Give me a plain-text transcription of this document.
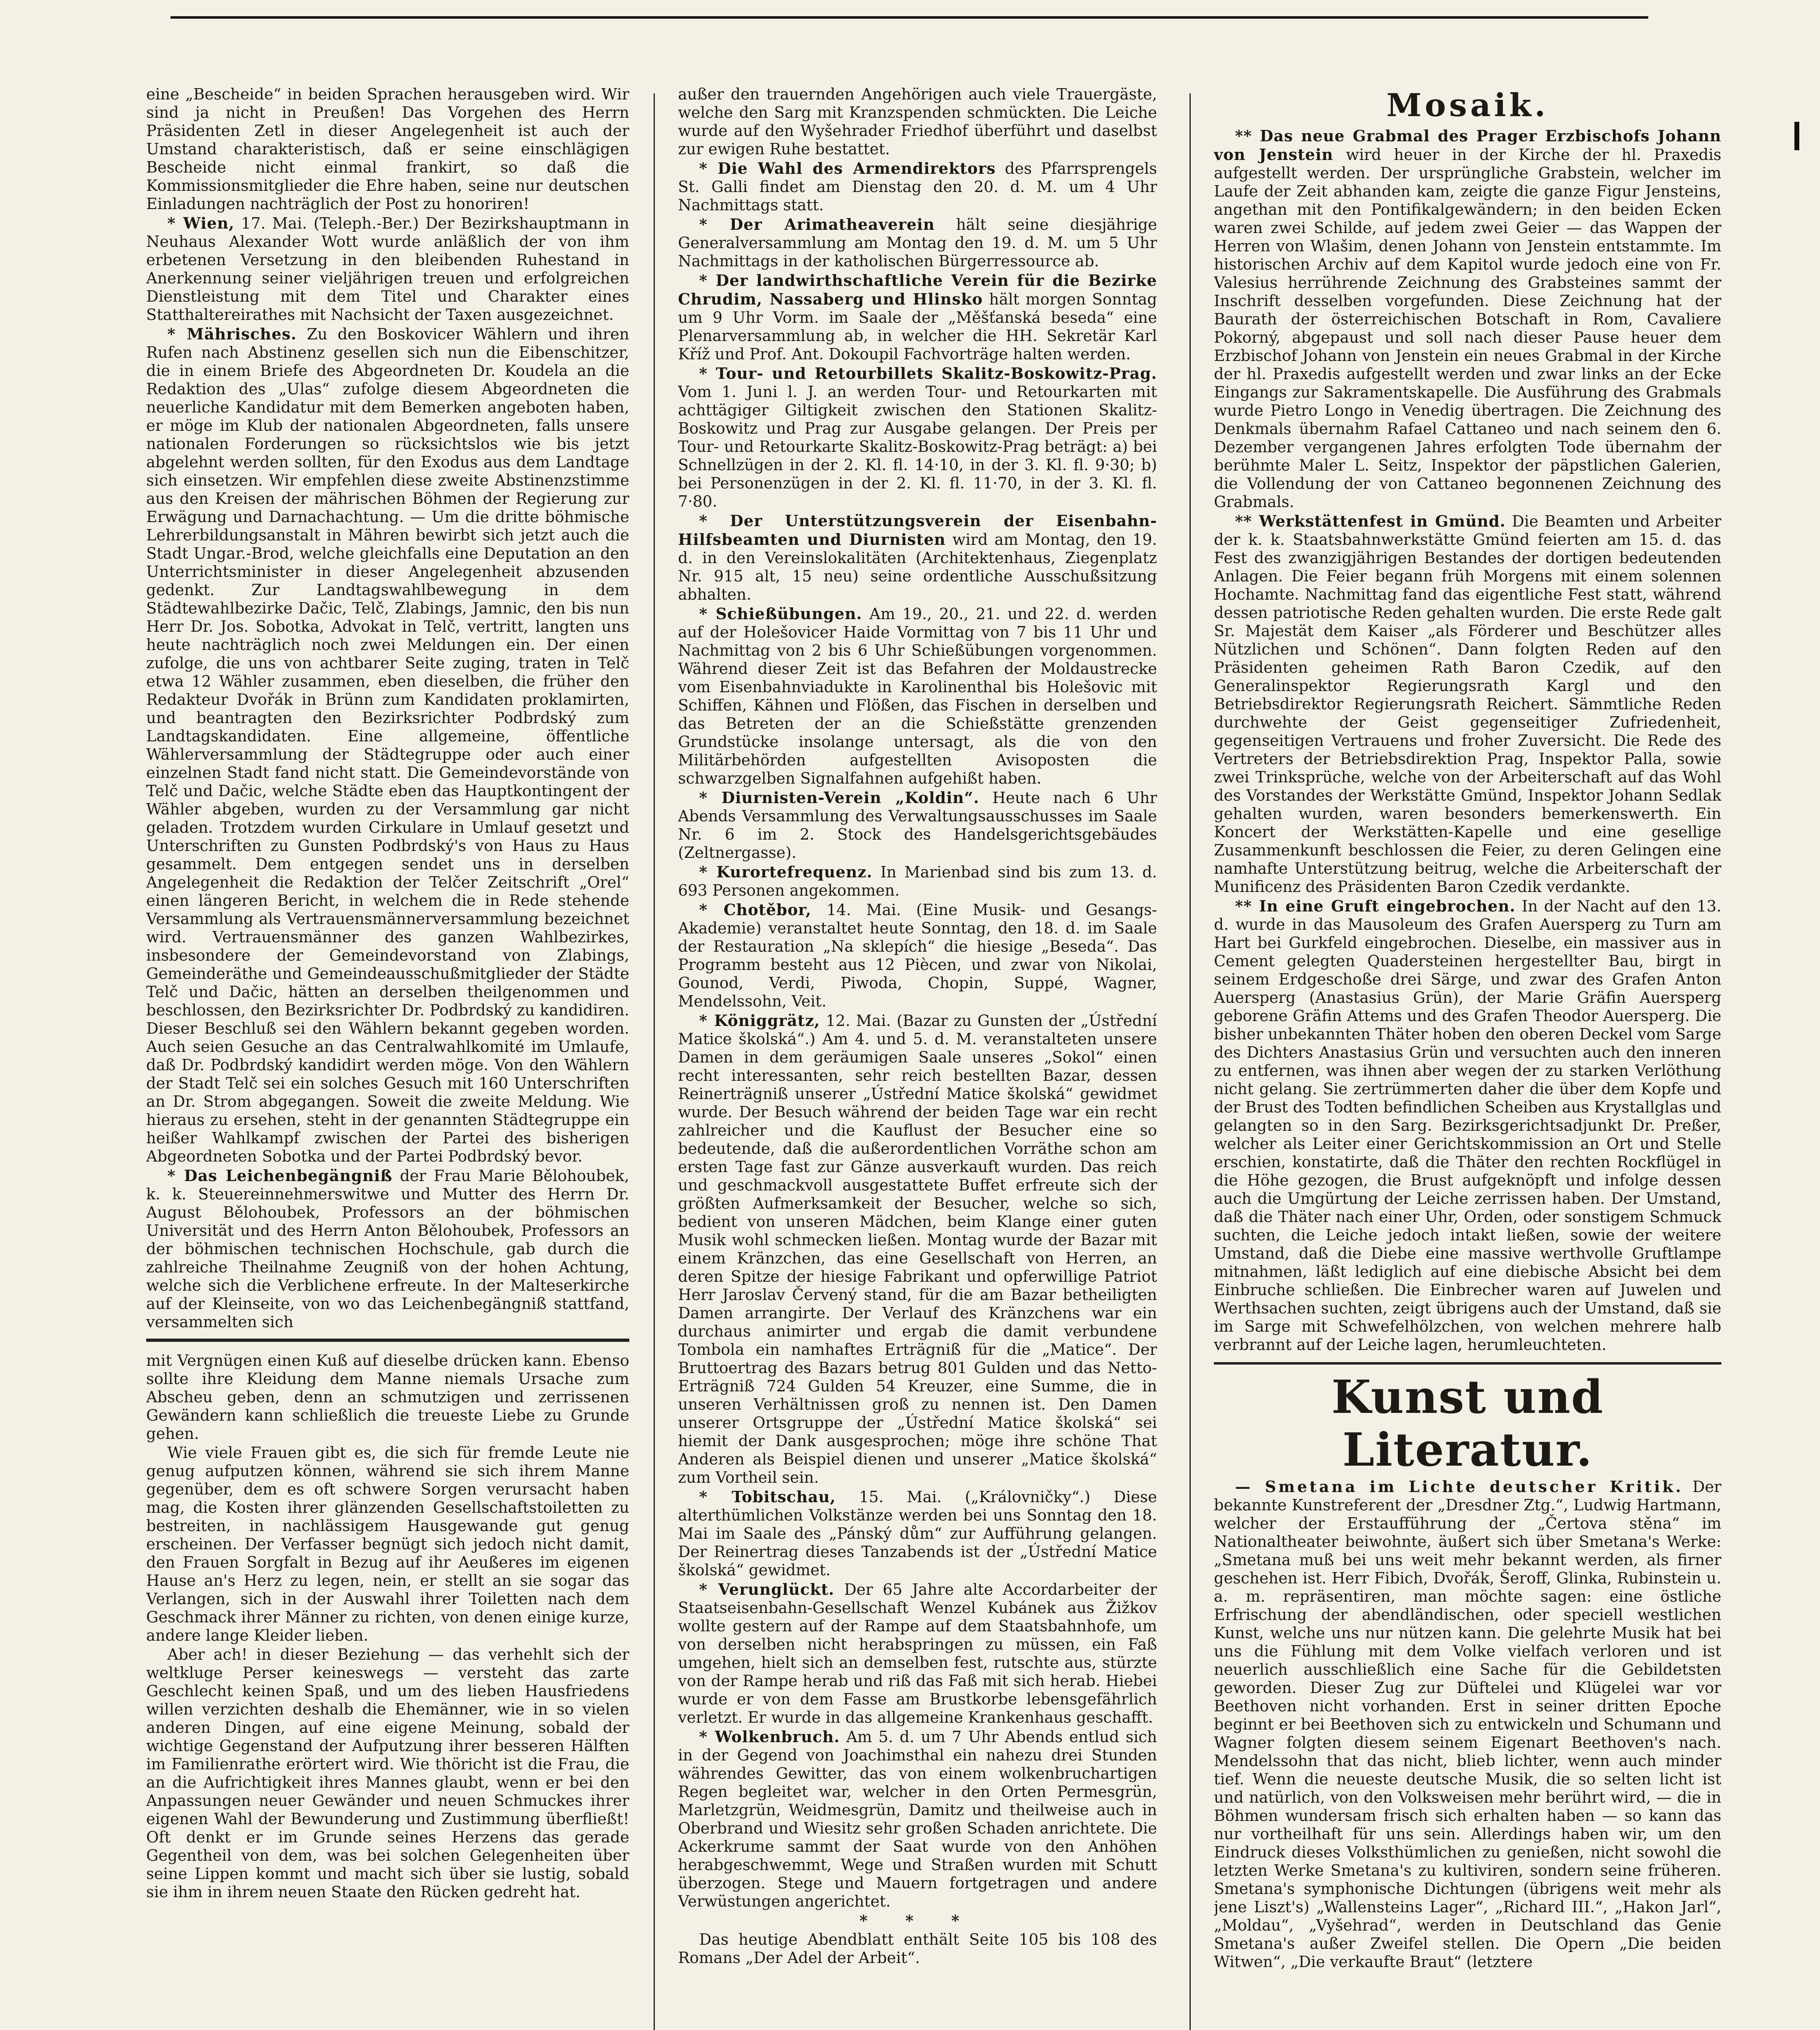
eine „Bescheide“ in beiden Sprachen herausgeben wird. Wir sind ja nicht in Preußen! Das Vorgehen des Herrn Präsidenten Zetl in dieser Angelegenheit ist auch der Umstand charakteristisch, daß er seine einschlägigen Bescheide nicht einmal frankirt, so daß die Kommissionsmitglieder die Ehre haben, seine nur deutschen Einladungen nachträglich der Post zu honoriren!

* Wien, 17. Mai. (Teleph.-Ber.) Der Bezirkshauptmann in Neuhaus Alexander Wott wurde anläßlich der von ihm erbetenen Versetzung in den bleibenden Ruhestand in Anerkennung seiner vieljährigen treuen und erfolgreichen Dienstleistung mit dem Titel und Charakter eines Statthaltereirathes mit Nachsicht der Taxen ausgezeichnet.

* Mährisches. Zu den Boskovicer Wählern und ihren Rufen nach Abstinenz gesellen sich nun die Eibenschitzer, die in einem Briefe des Abgeordneten Dr. Koudela an die Redaktion des „Ulas“ zufolge diesem Abgeordneten die neuerliche Kandidatur mit dem Bemerken angeboten haben, er möge im Klub der nationalen Abgeordneten, falls unsere nationalen Forderungen so rücksichtslos wie bis jetzt abgelehnt werden sollten, für den Exodus aus dem Landtage sich einsetzen. Wir empfehlen diese zweite Abstinenzstimme aus den Kreisen der mährischen Böhmen der Regierung zur Erwägung und Darnachachtung. — Um die dritte böhmische Lehrerbildungsanstalt in Mähren bewirbt sich jetzt auch die Stadt Ungar.-Brod, welche gleichfalls eine Deputation an den Unterrichtsminister in dieser Angelegenheit abzusenden gedenkt. Zur Landtagswahlbewegung in dem Städtewahlbezirke Dačic, Telč, Zlabings, Jamnic, den bis nun Herr Dr. Jos. Sobotka, Advokat in Telč, vertritt, langten uns heute nachträglich noch zwei Meldungen ein. Der einen zufolge, die uns von achtbarer Seite zuging, traten in Telč etwa 12 Wähler zusammen, eben dieselben, die früher den Redakteur Dvořák in Brünn zum Kandidaten proklamirten, und beantragten den Bezirksrichter Podbrdský zum Landtagskandidaten. Eine allgemeine, öffentliche Wählerversammlung der Städtegruppe oder auch einer einzelnen Stadt fand nicht statt. Die Gemeindevorstände von Telč und Dačic, welche Städte eben das Hauptkontingent der Wähler abgeben, wurden zu der Versammlung gar nicht geladen. Trotzdem wurden Cirkulare in Umlauf gesetzt und Unterschriften zu Gunsten Podbrdský's von Haus zu Haus gesammelt. Dem entgegen sendet uns in derselben Angelegenheit die Redaktion der Telčer Zeitschrift „Orel“ einen längeren Bericht, in welchem die in Rede stehende Versammlung als Vertrauensmännerversammlung bezeichnet wird. Vertrauensmänner des ganzen Wahlbezirkes, insbesondere der Gemeindevorstand von Zlabings, Gemeinderäthe und Gemeindeausschußmitglieder der Städte Telč und Dačic, hätten an derselben theilgenommen und beschlossen, den Bezirksrichter Dr. Podbrdský zu kandidiren. Dieser Beschluß sei den Wählern bekannt gegeben worden. Auch seien Gesuche an das Centralwahlkomité im Umlaufe, daß Dr. Podbrdský kandidirt werden möge. Von den Wählern der Stadt Telč sei ein solches Gesuch mit 160 Unterschriften an Dr. Strom abgegangen. Soweit die zweite Meldung. Wie hieraus zu ersehen, steht in der genannten Städtegruppe ein heißer Wahlkampf zwischen der Partei des bisherigen Abgeordneten Sobotka und der Partei Podbrdský bevor.

* Das Leichenbegängniß der Frau Marie Bělohoubek, k. k. Steuereinnehmerswitwe und Mutter des Herrn Dr. August Bělohoubek, Professors an der böhmischen Universität und des Herrn Anton Bělohoubek, Professors an der böhmischen technischen Hochschule, gab durch die zahlreiche Theilnahme Zeugniß von der hohen Achtung, welche sich die Verblichene erfreute. In der Malteserkirche auf der Kleinseite, von wo das Leichenbegängniß stattfand, versammelten sich

mit Vergnügen einen Kuß auf dieselbe drücken kann. Ebenso sollte ihre Kleidung dem Manne niemals Ursache zum Abscheu geben, denn an schmutzigen und zerrissenen Gewändern kann schließlich die treueste Liebe zu Grunde gehen.

Wie viele Frauen gibt es, die sich für fremde Leute nie genug aufputzen können, während sie sich ihrem Manne gegenüber, dem es oft schwere Sorgen verursacht haben mag, die Kosten ihrer glänzenden Gesellschaftstoiletten zu bestreiten, in nachlässigem Hausgewande gut genug erscheinen. Der Verfasser begnügt sich jedoch nicht damit, den Frauen Sorgfalt in Bezug auf ihr Aeußeres im eigenen Hause an's Herz zu legen, nein, er stellt an sie sogar das Verlangen, sich in der Auswahl ihrer Toiletten nach dem Geschmack ihrer Männer zu richten, von denen einige kurze, andere lange Kleider lieben.

Aber ach! in dieser Beziehung — das verhehlt sich der weltkluge Perser keineswegs — versteht das zarte Geschlecht keinen Spaß, und um des lieben Hausfriedens willen verzichten deshalb die Ehemänner, wie in so vielen anderen Dingen, auf eine eigene Meinung, sobald der wichtige Gegenstand der Aufputzung ihrer besseren Hälften im Familienrathe erörtert wird. Wie thöricht ist die Frau, die an die Aufrichtigkeit ihres Mannes glaubt, wenn er bei den Anpassungen neuer Gewänder und neuen Schmuckes ihrer eigenen Wahl der Bewunderung und Zustimmung überfließt! Oft denkt er im Grunde seines Herzens das gerade Gegentheil von dem, was bei solchen Gelegenheiten über seine Lippen kommt und macht sich über sie lustig, sobald sie ihm in ihrem neuen Staate den Rücken gedreht hat.

außer den trauernden Angehörigen auch viele Trauergäste, welche den Sarg mit Kranzspenden schmückten. Die Leiche wurde auf den Wyšehrader Friedhof überführt und daselbst zur ewigen Ruhe bestattet.

* Die Wahl des Armendirektors des Pfarrsprengels St. Galli findet am Dienstag den 20. d. M. um 4 Uhr Nachmittags statt.

* Der Arimatheaverein hält seine diesjährige Generalversammlung am Montag den 19. d. M. um 5 Uhr Nachmittags in der katholischen Bürgerressource ab.

* Der landwirthschaftliche Verein für die Bezirke Chrudim, Nassaberg und Hlinsko hält morgen Sonntag um 9 Uhr Vorm. im Saale der „Měšťanská beseda“ eine Plenarversammlung ab, in welcher die HH. Sekretär Karl Kříž und Prof. Ant. Dokoupil Fachvorträge halten werden.

* Tour- und Retourbillets Skalitz-Boskowitz-Prag. Vom 1. Juni l. J. an werden Tour- und Retourkarten mit achttägiger Giltigkeit zwischen den Stationen Skalitz-Boskowitz und Prag zur Ausgabe gelangen. Der Preis per Tour- und Retourkarte Skalitz-Boskowitz-Prag beträgt: a) bei Schnellzügen in der 2. Kl. fl. 14·10, in der 3. Kl. fl. 9·30; b) bei Personenzügen in der 2. Kl. fl. 11·70, in der 3. Kl. fl. 7·80.

* Der Unterstützungsverein der Eisenbahn-Hilfsbeamten und Diurnisten wird am Montag, den 19. d. in den Vereinslokalitäten (Architektenhaus, Ziegenplatz Nr. 915 alt, 15 neu) seine ordentliche Ausschußsitzung abhalten.

* Schießübungen. Am 19., 20., 21. und 22. d. werden auf der Holešovicer Haide Vormittag von 7 bis 11 Uhr und Nachmittag von 2 bis 6 Uhr Schießübungen vorgenommen. Während dieser Zeit ist das Befahren der Moldaustrecke vom Eisenbahnviadukte in Karolinenthal bis Holešovic mit Schiffen, Kähnen und Flößen, das Fischen in derselben und das Betreten der an die Schießstätte grenzenden Grundstücke insolange untersagt, als die von den Militärbehörden aufgestellten Avisoposten die schwarzgelben Signalfahnen aufgehißt haben.

* Diurnisten-Verein „Koldin“. Heute nach 6 Uhr Abends Versammlung des Verwaltungsausschusses im Saale Nr. 6 im 2. Stock des Handelsgerichtsgebäudes (Zeltnergasse).

* Kurortefrequenz. In Marienbad sind bis zum 13. d. 693 Personen angekommen.

* Chotěbor, 14. Mai. (Eine Musik- und Gesangs-Akademie) veranstaltet heute Sonntag, den 18. d. im Saale der Restauration „Na sklepích“ die hiesige „Beseda“. Das Programm besteht aus 12 Piècen, und zwar von Nikolai, Gounod, Verdi, Piwoda, Chopin, Suppé, Wagner, Mendelssohn, Veit.

* Königgrätz, 12. Mai. (Bazar zu Gunsten der „Ústřední Matice školská“.) Am 4. und 5. d. M. veranstalteten unsere Damen in dem geräumigen Saale unseres „Sokol“ einen recht interessanten, sehr reich bestellten Bazar, dessen Reinerträgniß unserer „Ústřední Matice školská“ gewidmet wurde. Der Besuch während der beiden Tage war ein recht zahlreicher und die Kauflust der Besucher eine so bedeutende, daß die außerordentlichen Vorräthe schon am ersten Tage fast zur Gänze ausverkauft wurden. Das reich und geschmackvoll ausgestattete Buffet erfreute sich der größten Aufmerksamkeit der Besucher, welche so sich, bedient von unseren Mädchen, beim Klange einer guten Musik wohl schmecken ließen. Montag wurde der Bazar mit einem Kränzchen, das eine Gesellschaft von Herren, an deren Spitze der hiesige Fabrikant und opferwillige Patriot Herr Jaroslav Červený stand, für die am Bazar betheiligten Damen arrangirte. Der Verlauf des Kränzchens war ein durchaus animirter und ergab die damit verbundene Tombola ein namhaftes Erträgniß für die „Matice“. Der Bruttoertrag des Bazars betrug 801 Gulden und das Netto-Erträgniß 724 Gulden 54 Kreuzer, eine Summe, die in unseren Verhältnissen groß zu nennen ist. Den Damen unserer Ortsgruppe der „Ústřední Matice školská“ sei hiemit der Dank ausgesprochen; möge ihre schöne That Anderen als Beispiel dienen und unserer „Matice školská“ zum Vortheil sein.

* Tobitschau, 15. Mai. („Královničky“.) Diese alterthümlichen Volkstänze werden bei uns Sonntag den 18. Mai im Saale des „Pánský dům“ zur Aufführung gelangen. Der Reinertrag dieses Tanzabends ist der „Ústřední Matice školská“ gewidmet.

* Verunglückt. Der 65 Jahre alte Accordarbeiter der Staatseisenbahn-Gesellschaft Wenzel Kubánek aus Žižkov wollte gestern auf der Rampe auf dem Staatsbahnhofe, um von derselben nicht herabspringen zu müssen, ein Faß umgehen, hielt sich an demselben fest, rutschte aus, stürzte von der Rampe herab und riß das Faß mit sich herab. Hiebei wurde er von dem Fasse am Brustkorbe lebensgefährlich verletzt. Er wurde in das allgemeine Krankenhaus geschafft.

* Wolkenbruch. Am 5. d. um 7 Uhr Abends entlud sich in der Gegend von Joachimsthal ein nahezu drei Stunden währendes Gewitter, das von einem wolkenbruchartigen Regen begleitet war, welcher in den Orten Permesgrün, Marletzgrün, Weidmesgrün, Damitz und theilweise auch in Oberbrand und Wiesitz sehr großen Schaden anrichtete. Die Ackerkrume sammt der Saat wurde von den Anhöhen herabgeschwemmt, Wege und Straßen wurden mit Schutt überzogen. Stege und Mauern fortgetragen und andere Verwüstungen angerichtet.

* * *

Das heutige Abendblatt enthält Seite 105 bis 108 des Romans „Der Adel der Arbeit“.

Mosaik.

** Das neue Grabmal des Prager Erzbischofs Johann von Jenstein wird heuer in der Kirche der hl. Praxedis aufgestellt werden. Der ursprüngliche Grabstein, welcher im Laufe der Zeit abhanden kam, zeigte die ganze Figur Jensteins, angethan mit den Pontifikalgewändern; in den beiden Ecken waren zwei Schilde, auf jedem zwei Geier — das Wappen der Herren von Wlašim, denen Johann von Jenstein entstammte. Im historischen Archiv auf dem Kapitol wurde jedoch eine von Fr. Valesius herrührende Zeichnung des Grabsteines sammt der Inschrift desselben vorgefunden. Diese Zeichnung hat der Baurath der österreichischen Botschaft in Rom, Cavaliere Pokorný, abgepaust und soll nach dieser Pause heuer dem Erzbischof Johann von Jenstein ein neues Grabmal in der Kirche der hl. Praxedis aufgestellt werden und zwar links an der Ecke Eingangs zur Sakramentskapelle. Die Ausführung des Grabmals wurde Pietro Longo in Venedig übertragen. Die Zeichnung des Denkmals übernahm Rafael Cattaneo und nach seinem den 6. Dezember vergangenen Jahres erfolgten Tode übernahm der berühmte Maler L. Seitz, Inspektor der päpstlichen Galerien, die Vollendung der von Cattaneo begonnenen Zeichnung des Grabmals.

** Werkstättenfest in Gmünd. Die Beamten und Arbeiter der k. k. Staatsbahnwerkstätte Gmünd feierten am 15. d. das Fest des zwanzigjährigen Bestandes der dortigen bedeutenden Anlagen. Die Feier begann früh Morgens mit einem solennen Hochamte. Nachmittag fand das eigentliche Fest statt, während dessen patriotische Reden gehalten wurden. Die erste Rede galt Sr. Majestät dem Kaiser „als Förderer und Beschützer alles Nützlichen und Schönen“. Dann folgten Reden auf den Präsidenten geheimen Rath Baron Czedik, auf den Generalinspektor Regierungsrath Kargl und den Betriebsdirektor Regierungsrath Reichert. Sämmtliche Reden durchwehte der Geist gegenseitiger Zufriedenheit, gegenseitigen Vertrauens und froher Zuversicht. Die Rede des Vertreters der Betriebsdirektion Prag, Inspektor Palla, sowie zwei Trinksprüche, welche von der Arbeiterschaft auf das Wohl des Vorstandes der Werkstätte Gmünd, Inspektor Johann Sedlak gehalten wurden, waren besonders bemerkenswerth. Ein Koncert der Werkstätten-Kapelle und eine gesellige Zusammenkunft beschlossen die Feier, zu deren Gelingen eine namhafte Unterstützung beitrug, welche die Arbeiterschaft der Munificenz des Präsidenten Baron Czedik verdankte.

** In eine Gruft eingebrochen. In der Nacht auf den 13. d. wurde in das Mausoleum des Grafen Auersperg zu Turn am Hart bei Gurkfeld eingebrochen. Dieselbe, ein massiver aus in Cement gelegten Quadersteinen hergestellter Bau, birgt in seinem Erdgeschoße drei Särge, und zwar des Grafen Anton Auersperg (Anastasius Grün), der Marie Gräfin Auersperg geborene Gräfin Attems und des Grafen Theodor Auersperg. Die bisher unbekannten Thäter hoben den oberen Deckel vom Sarge des Dichters Anastasius Grün und versuchten auch den inneren zu entfernen, was ihnen aber wegen der zu starken Verlöthung nicht gelang. Sie zertrümmerten daher die über dem Kopfe und der Brust des Todten befindlichen Scheiben aus Krystallglas und gelangten so in den Sarg. Bezirksgerichtsadjunkt Dr. Preßer, welcher als Leiter einer Gerichtskommission an Ort und Stelle erschien, konstatirte, daß die Thäter den rechten Rockflügel in die Höhe gezogen, die Brust aufgeknöpft und infolge dessen auch die Umgürtung der Leiche zerrissen haben. Der Umstand, daß die Thäter nach einer Uhr, Orden, oder sonstigem Schmuck suchten, die Leiche jedoch intakt ließen, sowie der weitere Umstand, daß die Diebe eine massive werthvolle Gruftlampe mitnahmen, läßt lediglich auf eine diebische Absicht bei dem Einbruche schließen. Die Einbrecher waren auf Juwelen und Werthsachen suchten, zeigt übrigens auch der Umstand, daß sie im Sarge mit Schwefelhölzchen, von welchen mehrere halb verbrannt auf der Leiche lagen, herumleuchteten.

Kunst und Literatur.

— Smetana im Lichte deutscher Kritik. Der bekannte Kunstreferent der „Dresdner Ztg.“, Ludwig Hartmann, welcher der Erstaufführung der „Čertova stěna“ im Nationaltheater beiwohnte, äußert sich über Smetana's Werke: „Smetana muß bei uns weit mehr bekannt werden, als firner geschehen ist. Herr Fibich, Dvořák, Šeroff, Glinka, Rubinstein u. a. m. repräsentiren, man möchte sagen: eine östliche Erfrischung der abendländischen, oder speciell westlichen Kunst, welche uns nur nützen kann. Die gelehrte Musik hat bei uns die Fühlung mit dem Volke vielfach verloren und ist neuerlich ausschließlich eine Sache für die Gebildetsten geworden. Dieser Zug zur Düftelei und Klügelei war vor Beethoven nicht vorhanden. Erst in seiner dritten Epoche beginnt er bei Beethoven sich zu entwickeln und Schumann und Wagner folgten diesem seinem Eigenart Beethoven's nach. Mendelssohn that das nicht, blieb lichter, wenn auch minder tief. Wenn die neueste deutsche Musik, die so selten licht ist und natürlich, von den Volksweisen mehr berührt wird, — die in Böhmen wundersam frisch sich erhalten haben — so kann das nur vortheilhaft für uns sein. Allerdings haben wir, um den Eindruck dieses Volksthümlichen zu genießen, nicht sowohl die letzten Werke Smetana's zu kultiviren, sondern seine früheren. Smetana's symphonische Dichtungen (übrigens weit mehr als jene Liszt's) „Wallensteins Lager“, „Richard III.“, „Hakon Jarl“, „Moldau“, „Vyšehrad“, werden in Deutschland das Genie Smetana's außer Zweifel stellen. Die Opern „Die beiden Witwen“, „Die verkaufte Braut“ (letztere
